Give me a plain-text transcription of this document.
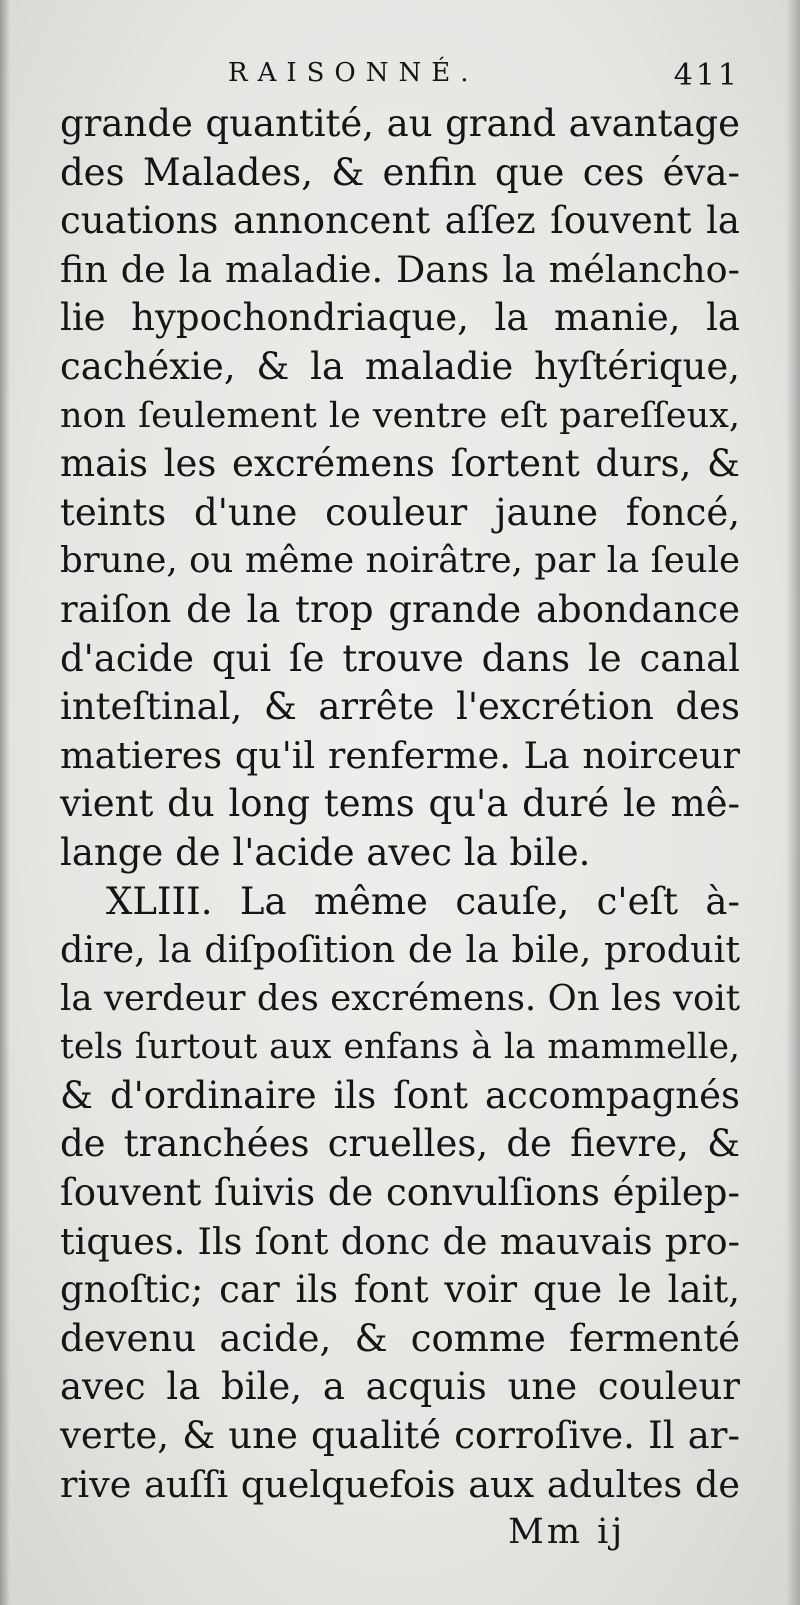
RAISONNÉ.	411
grande quantité, au grand avantage
des Malades, & enfin que ces éva-
cuations annoncent aſſez ſouvent la
fin de la maladie. Dans la mélancho-
lie hypochondriaque, la manie, la
cachéxie, & la maladie hyſtérique,
non ſeulement le ventre eſt pareſſeux,
mais les excrémens ſortent durs, &
teints d'une couleur jaune foncé,
brune, ou même noirâtre, par la ſeule
raiſon de la trop grande abondance
d'acide qui ſe trouve dans le canal
inteſtinal, & arrête l'excrétion des
matieres qu'il renferme. La noirceur
vient du long tems qu'a duré le mê-
lange de l'acide avec la bile.
XLIII. La même cauſe, c'eſt à-
dire, la diſpoſition de la bile, produit
la verdeur des excrémens. On les voit
tels ſurtout aux enfans à la mammelle,
& d'ordinaire ils ſont accompagnés
de tranchées cruelles, de fievre, &
ſouvent ſuivis de convulſions épilep-
tiques. Ils ſont donc de mauvais pro-
gnoſtic; car ils font voir que le lait,
devenu acide, & comme fermenté
avec la bile, a acquis une couleur
verte, & une qualité corroſive. Il ar-
rive auſſi quelquefois aux adultes de
Mm ij
